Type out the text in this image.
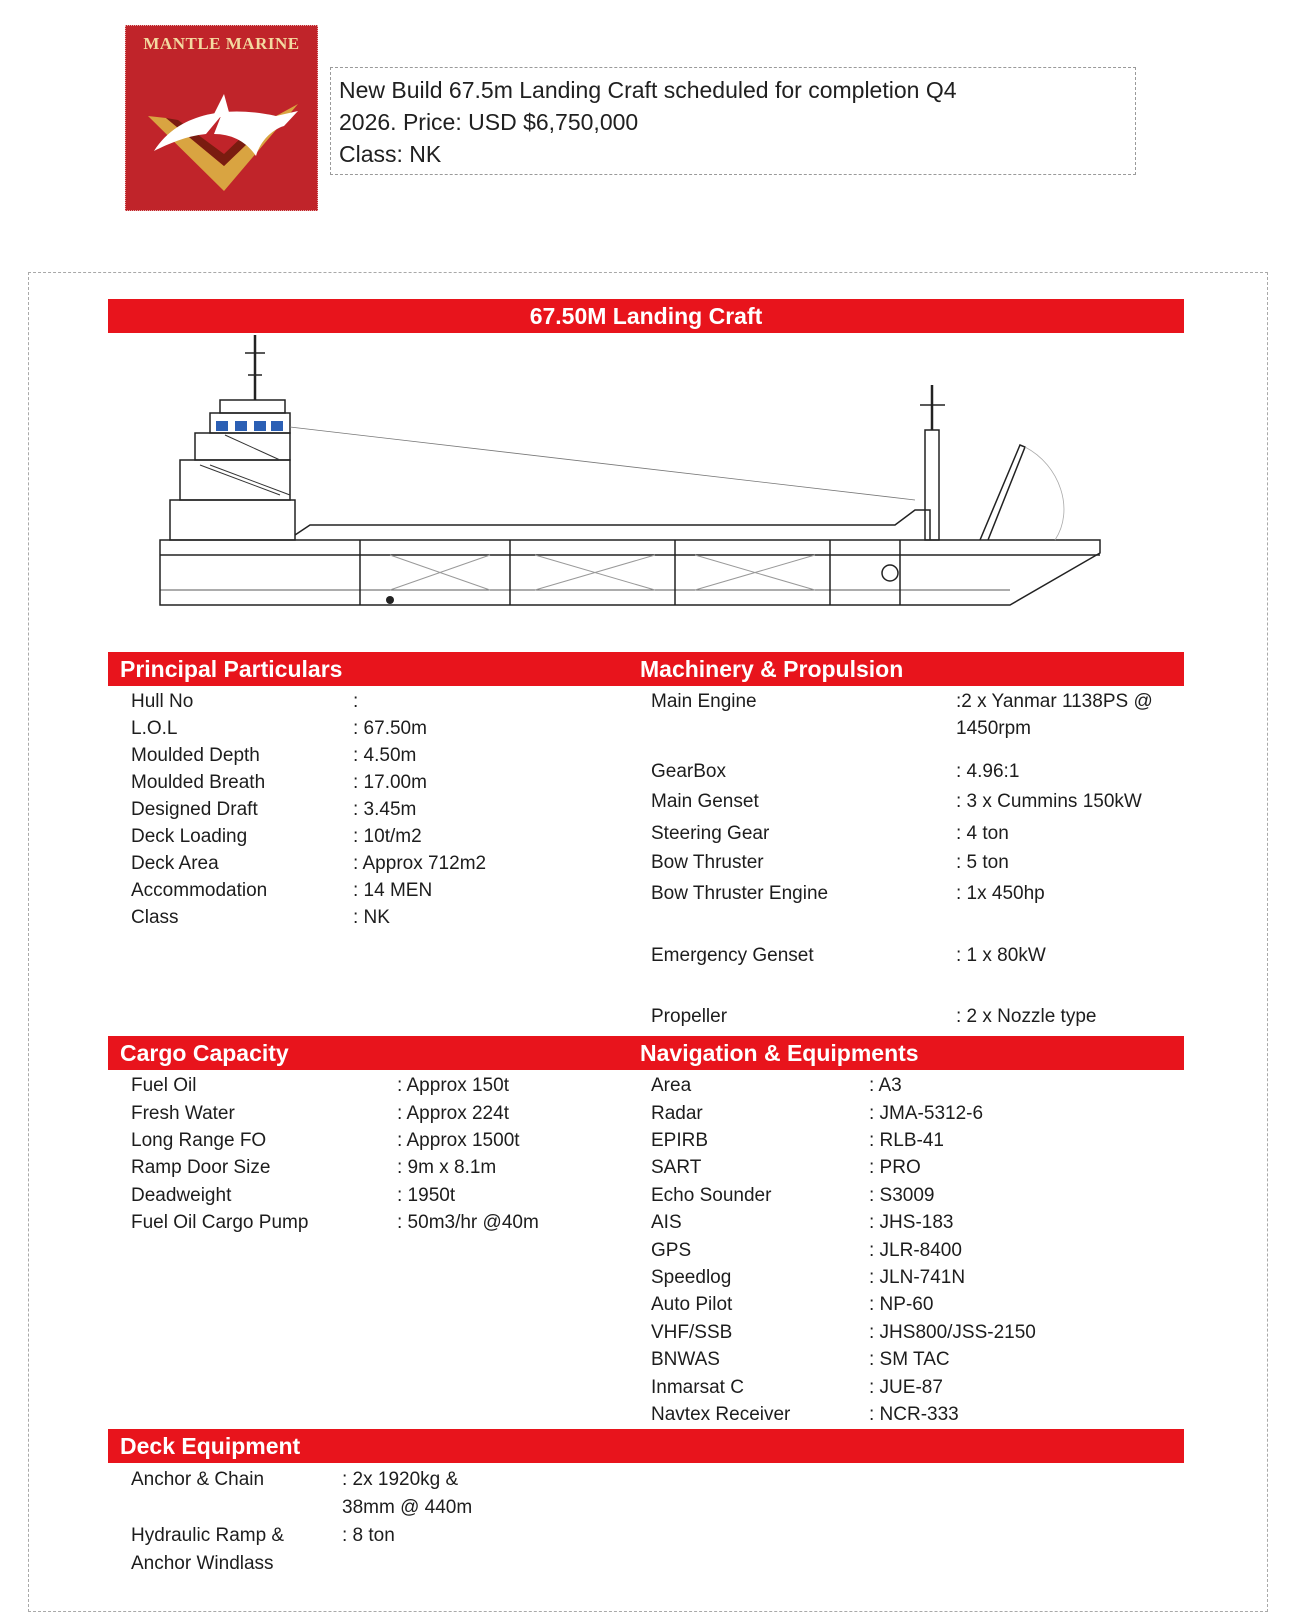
MANTLE MARINE
New Build 67.5m Landing Craft scheduled for completion Q4
2026. Price: USD $6,750,000
Class: NK
67.50M Landing Craft
Principal Particulars	Machinery & Propulsion
Hull No	:
L.O.L	: 67.50m
Moulded Depth	: 4.50m
Moulded Breath	: 17.00m
Designed Draft	: 3.45m
Deck Loading	: 10t/m2
Deck Area	: Approx 712m2
Accommodation	: 14 MEN
Class	: NK
Main Engine	:2 x Yanmar 1138PS @
1450rpm
GearBox	: 4.96:1
Main Genset	: 3 x Cummins 150kW
Steering Gear	: 4 ton
Bow Thruster	: 5 ton
Bow Thruster Engine	: 1x 450hp
Emergency Genset	: 1 x 80kW
Propeller	: 2 x Nozzle type
Cargo Capacity	Navigation & Equipments
Fuel Oil	: Approx 150t
Fresh Water	: Approx 224t
Long Range FO	: Approx 1500t
Ramp Door Size	: 9m x 8.1m
Deadweight	: 1950t
Fuel Oil Cargo Pump	: 50m3/hr @40m
Area	: A3
Radar	: JMA-5312-6
EPIRB	: RLB-41
SART	: PRO
Echo Sounder	: S3009
AIS	: JHS-183
GPS	: JLR-8400
Speedlog	: JLN-741N
Auto Pilot	: NP-60
VHF/SSB	: JHS800/JSS-2150
BNWAS	: SM TAC
Inmarsat C	: JUE-87
Navtex Receiver	: NCR-333
Deck Equipment
Anchor & Chain	: 2x 1920kg &
38mm @ 440m
Hydraulic Ramp &	: 8 ton
Anchor Windlass
